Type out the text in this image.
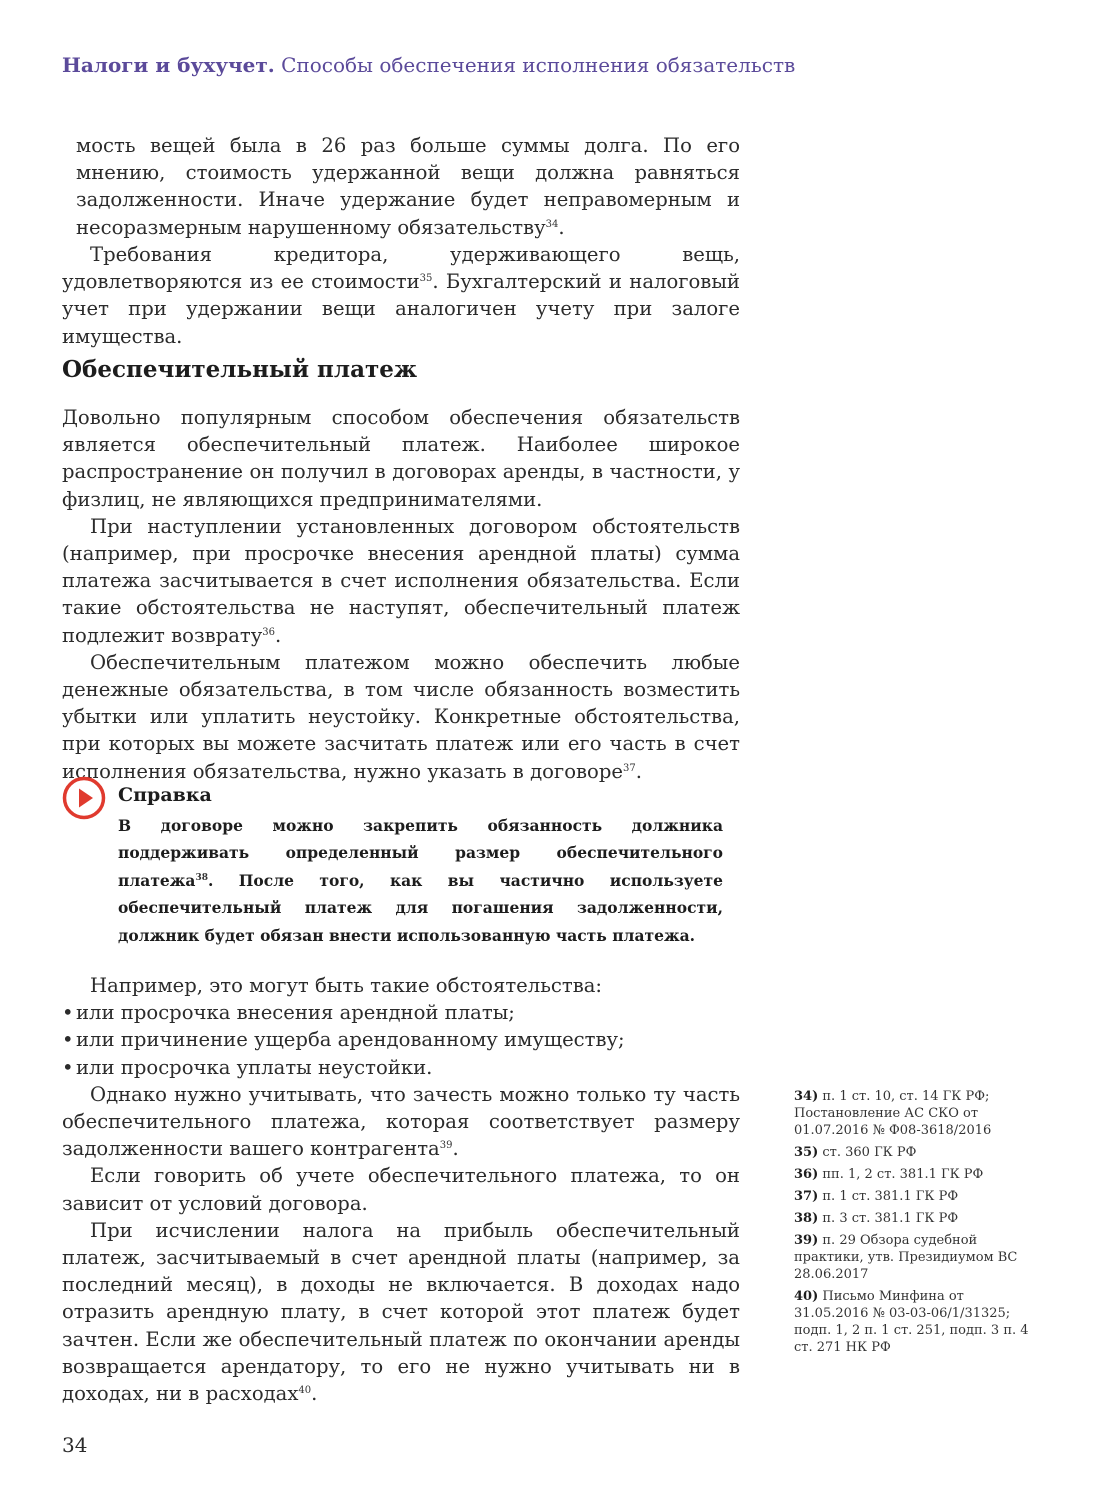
Налоги и бухучет. Способы обеспечения исполнения обязательств

мость вещей была в 26 раз больше суммы долга. По его мнению, стоимость удержанной вещи должна равняться задолженности. Иначе удержание будет неправомерным и несоразмерным нарушенному обязательству$^{34}$.

Требования кредитора, удерживающего вещь, удовлетворяются из ее стоимости$^{35}$. Бухгалтерский и налоговый учет при удержании вещи аналогичен учету при залоге имущества.

Обеспечительный платеж

Довольно популярным способом обеспечения обязательств является обеспечительный платеж. Наиболее широкое распространение он получил в договорах аренды, в частности, у физлиц, не являющихся предпринимателями.

При наступлении установленных договором обстоятельств (например, при просрочке внесения арендной платы) сумма платежа засчитывается в счет исполнения обязательства. Если такие обстоятельства не наступят, обеспечительный платеж подлежит возврату$^{36}$.

Обеспечительным платежом можно обеспечить любые денежные обязательства, в том числе обязанность возместить убытки или уплатить неустойку. Конкретные обстоятельства, при которых вы можете засчитать платеж или его часть в счет исполнения обязательства, нужно указать в договоре$^{37}$.

Справка

В договоре можно закрепить обязанность должника поддерживать определенный размер обеспечительного платежа$^{38}$. После того, как вы частично используете обеспечительный платеж для погашения задолженности, должник будет обязан внести использованную часть платежа.

Например, это могут быть такие обстоятельства:

• или просрочка внесения арендной платы;
• или причинение ущерба арендованному имуществу;
• или просрочка уплаты неустойки.

Однако нужно учитывать, что зачесть можно только ту часть обеспечительного платежа, которая соответствует размеру задолженности вашего контрагента$^{39}$.

Если говорить об учете обеспечительного платежа, то он зависит от условий договора.

При исчислении налога на прибыль обеспечительный платеж, засчитываемый в счет арендной платы (например, за последний месяц), в доходы не включается. В доходах надо отразить арендную плату, в счет которой этот платеж будет зачтен. Если же обеспечительный платеж по окончании аренды возвращается арендатору, то его не нужно учитывать ни в доходах, ни в расходах$^{40}$.

34) п. 1 ст. 10, ст. 14 ГК РФ; Постановление АС СКО от 01.07.2016 № Ф08-3618/2016
35) ст. 360 ГК РФ
36) пп. 1, 2 ст. 381.1 ГК РФ
37) п. 1 ст. 381.1 ГК РФ
38) п. 3 ст. 381.1 ГК РФ
39) п. 29 Обзора судебной практики, утв. Президиумом ВС 28.06.2017
40) Письмо Минфина от 31.05.2016 № 03-03-06/1/31325; подп. 1, 2 п. 1 ст. 251, подп. 3 п. 4 ст. 271 НК РФ
34
